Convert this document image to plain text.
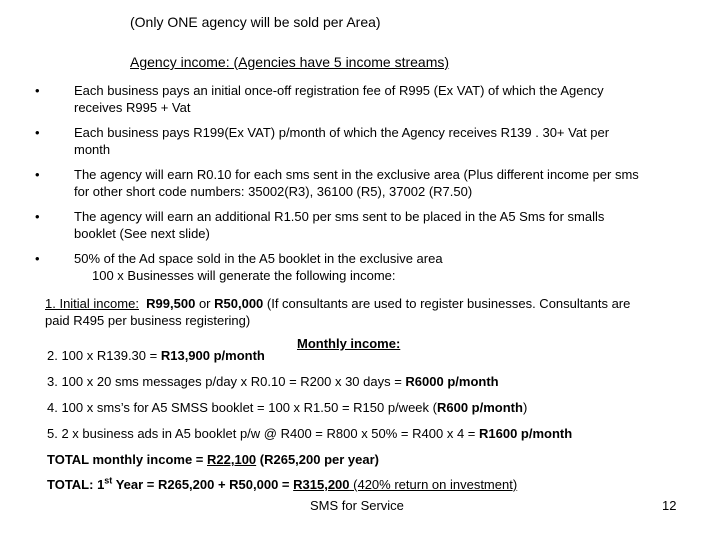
(Only ONE agency will be sold per Area)
Agency income: (Agencies have 5 income streams)
•	Each business pays an initial once-off registration fee of R995 (Ex VAT) of which the Agency
receives R995 + Vat
•	Each business pays R199(Ex VAT) p/month of which the Agency receives R139 . 30+ Vat per
month
•	The agency will earn R0.10 for each sms sent in the exclusive area (Plus different income per sms
for other short code numbers: 35002(R3), 36100 (R5), 37002 (R7.50)
•	The agency will earn an additional R1.50 per sms sent to be placed in the A5 Sms for smalls
booklet (See next slide)
•	50% of the Ad space sold in the A5 booklet in the exclusive area
100 x Businesses will generate the following income:
1. Initial income: R99,500 or R50,000 (If consultants are used to register businesses. Consultants are
paid R495 per business registering)
Monthly income:
2. 100 x R139.30 = R13,900 p/month
3. 100 x 20 sms messages p/day x R0.10 = R200 x 30 days = R6000 p/month
4. 100 x sms’s for A5 SMSS booklet = 100 x R1.50 = R150 p/week (R600 p/month)
5. 2 x business ads in A5 booklet p/w @ R400 = R800 x 50% = R400 x 4 = R1600 p/month
TOTAL monthly income = R22,100 (R265,200 per year)
TOTAL: 1st Year = R265,200 + R50,000 = R315,200 (420% return on investment)
SMS for Service	12
